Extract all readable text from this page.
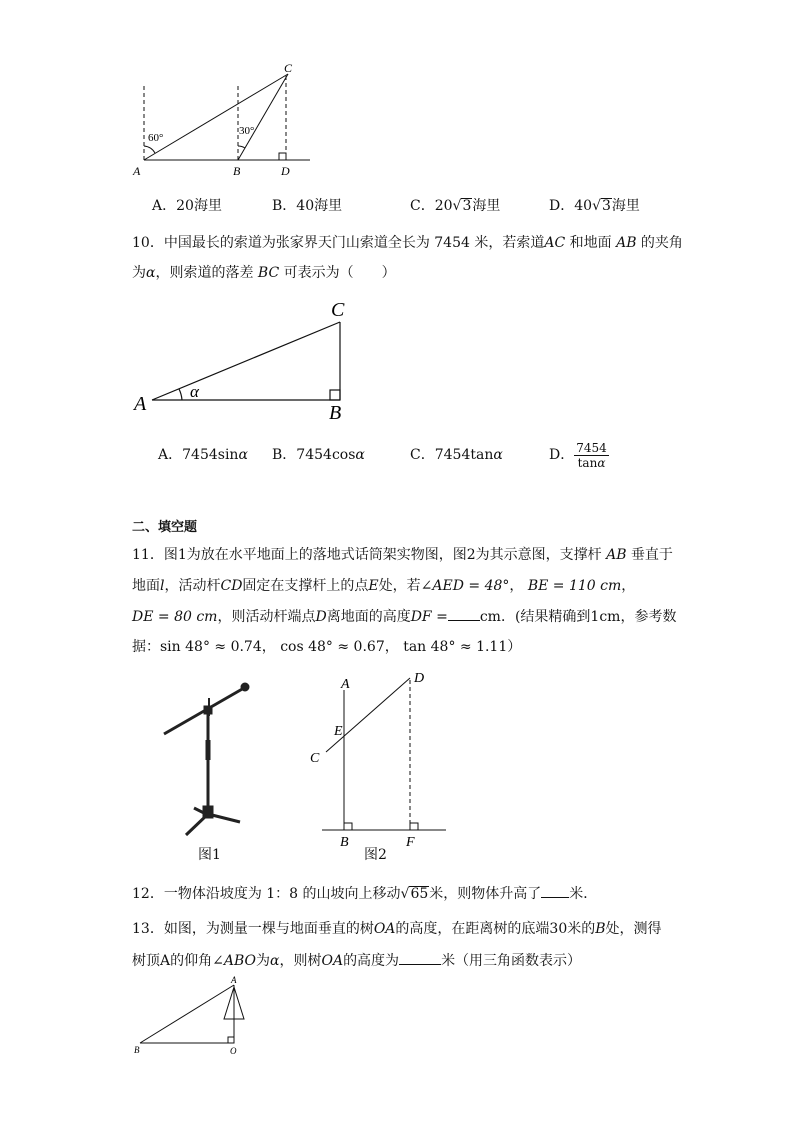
A	B
C
D
60°
30°
A．20海里	B．40海里	C．20√3海里	D．40√3海里
10．中国最长的索道为张家界天门山索道全长为 7454 米，若索道AC 和地面 AB 的夹角
为α，则索道的落差 BC 可表示为（　　）
A	B
C
α
A．7454sinα B．7454cosα	C．7454tanα	D． $\frac{7454}{\tan\alpha}$
二、填空题
11．图1为放在水平地面上的落地式话筒架实物图，图2为其示意图，支撑杆 AB 垂直于
地面l，活动杆CD固定在支撑杆上的点E处，若∠AED = 48°， BE = 110 cm，
DE = 80 cm，则活动杆端点D离地面的高度DF = cm．(结果精确到1cm，参考数
据：sin 48° ≈ 0.74， cos 48° ≈ 0.67， tan 48° ≈ 1.11）
图1
A
B
C
D
E
F
图2
12．一物体沿坡度为 1：8 的山坡向上移动√65米，则物体升高了 米．
13．如图，为测量一棵与地面垂直的树OA的高度，在距离树的底端30米的B处，测得
树顶A的仰角∠ABO为α，则树OA的高度为	米（用三角函数表示）
A
B	O
